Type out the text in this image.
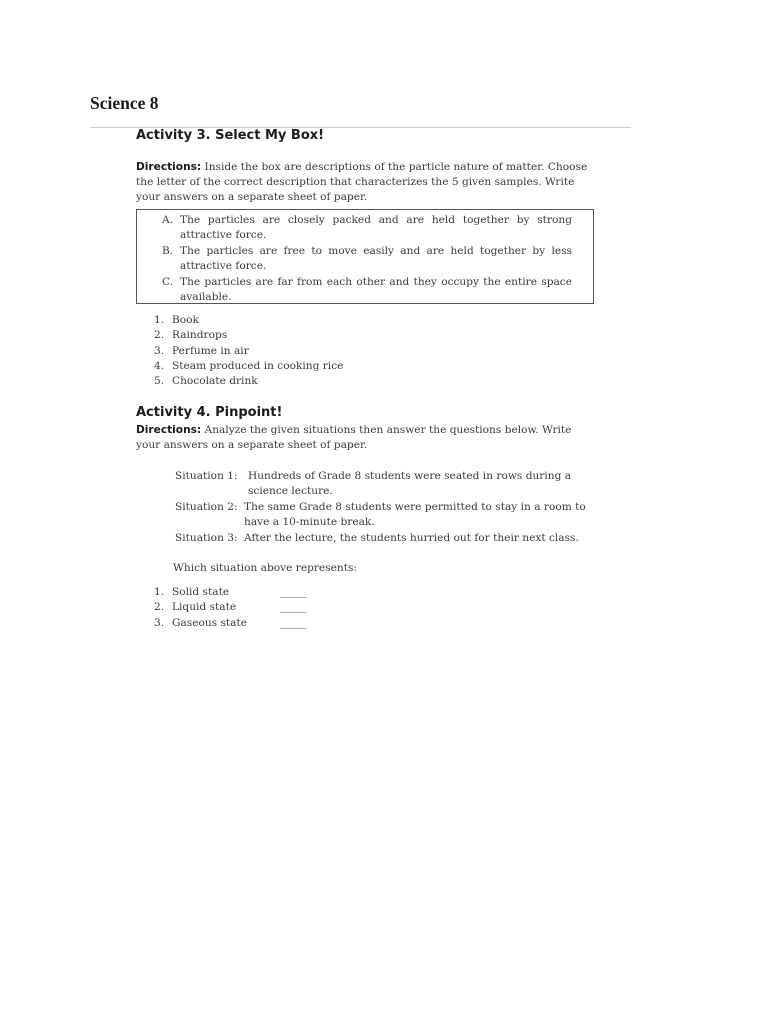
Science 8
Activity 3. Select My Box!
Directions: Inside the box are descriptions of the particle nature of matter. Choose the letter of the correct description that characterizes the 5 given samples. Write your answers on a separate sheet of paper.
A. The particles are closely packed and are held together by strong attractive force.
B. The particles are free to move easily and are held together by less attractive force.
C. The particles are far from each other and they occupy the entire space available.
1. Book
2. Raindrops
3. Perfume in air
4. Steam produced in cooking rice
5. Chocolate drink
Activity 4. Pinpoint!
Directions: Analyze the given situations then answer the questions below. Write your answers on a separate sheet of paper.
Situation 1: Hundreds of Grade 8 students were seated in rows during a science lecture.
Situation 2: The same Grade 8 students were permitted to stay in a room to have a 10-minute break.
Situation 3: After the lecture, the students hurried out for their next class.
Which situation above represents:
1. Solid state	______
2. Liquid state	______
3. Gaseous state	______
